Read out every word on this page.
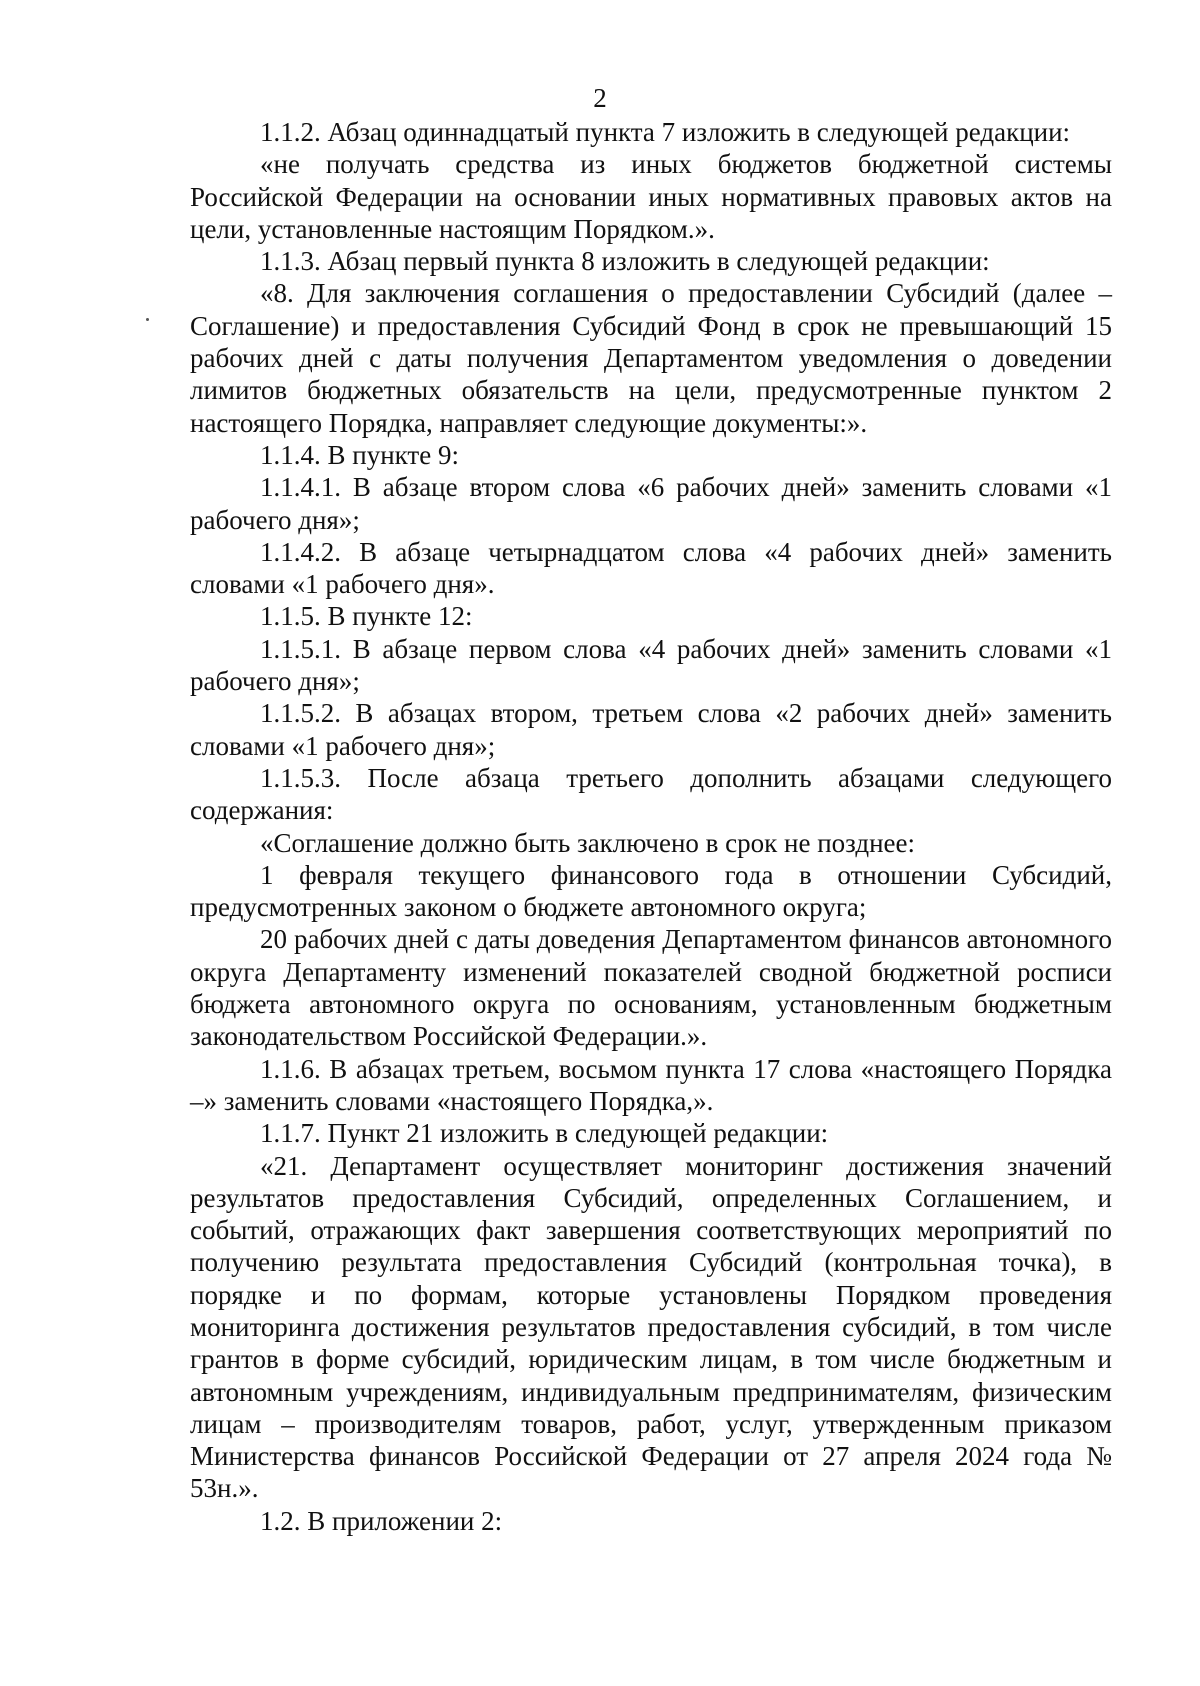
2

1.1.2. Абзац одиннадцатый пункта 7 изложить в следующей редакции:

«не получать средства из иных бюджетов бюджетной системы Российской Федерации на основании иных нормативных правовых актов на цели, установленные настоящим Порядком.».

1.1.3. Абзац первый пункта 8 изложить в следующей редакции:

«8. Для заключения соглашения о предоставлении Субсидий (далее – Соглашение) и предоставления Субсидий Фонд в срок не превышающий 15 рабочих дней с даты получения Департаментом уведомления о доведении лимитов бюджетных обязательств на цели, предусмотренные пунктом 2 настоящего Порядка, направляет следующие документы:».

1.1.4. В пункте 9:

1.1.4.1. В абзаце втором слова «6 рабочих дней» заменить словами «1 рабочего дня»;

1.1.4.2. В абзаце четырнадцатом слова «4 рабочих дней» заменить словами «1 рабочего дня».

1.1.5. В пункте 12:

1.1.5.1. В абзаце первом слова «4 рабочих дней» заменить словами «1 рабочего дня»;

1.1.5.2. В абзацах втором, третьем слова «2 рабочих дней» заменить словами «1 рабочего дня»;

1.1.5.3. После абзаца третьего дополнить абзацами следующего содержания:

«Соглашение должно быть заключено в срок не позднее:

1 февраля текущего финансового года в отношении Субсидий, предусмотренных законом о бюджете автономного округа;

20 рабочих дней с даты доведения Департаментом финансов автономного округа Департаменту изменений показателей сводной бюджетной росписи бюджета автономного округа по основаниям, установленным бюджетным законодательством Российской Федерации.».

1.1.6. В абзацах третьем, восьмом пункта 17 слова «настоящего Порядка –» заменить словами «настоящего Порядка,».

1.1.7. Пункт 21 изложить в следующей редакции:

«21. Департамент осуществляет мониторинг достижения значений результатов предоставления Субсидий, определенных Соглашением, и событий, отражающих факт завершения соответствующих мероприятий по получению результата предоставления Субсидий (контрольная точка), в порядке и по формам, которые установлены Порядком проведения мониторинга достижения результатов предоставления субсидий, в том числе грантов в форме субсидий, юридическим лицам, в том числе бюджетным и автономным учреждениям, индивидуальным предпринимателям, физическим лицам – производителям товаров, работ, услуг, утвержденным приказом Министерства финансов Российской Федерации от 27 апреля 2024 года № 53н.».

1.2. В приложении 2:
